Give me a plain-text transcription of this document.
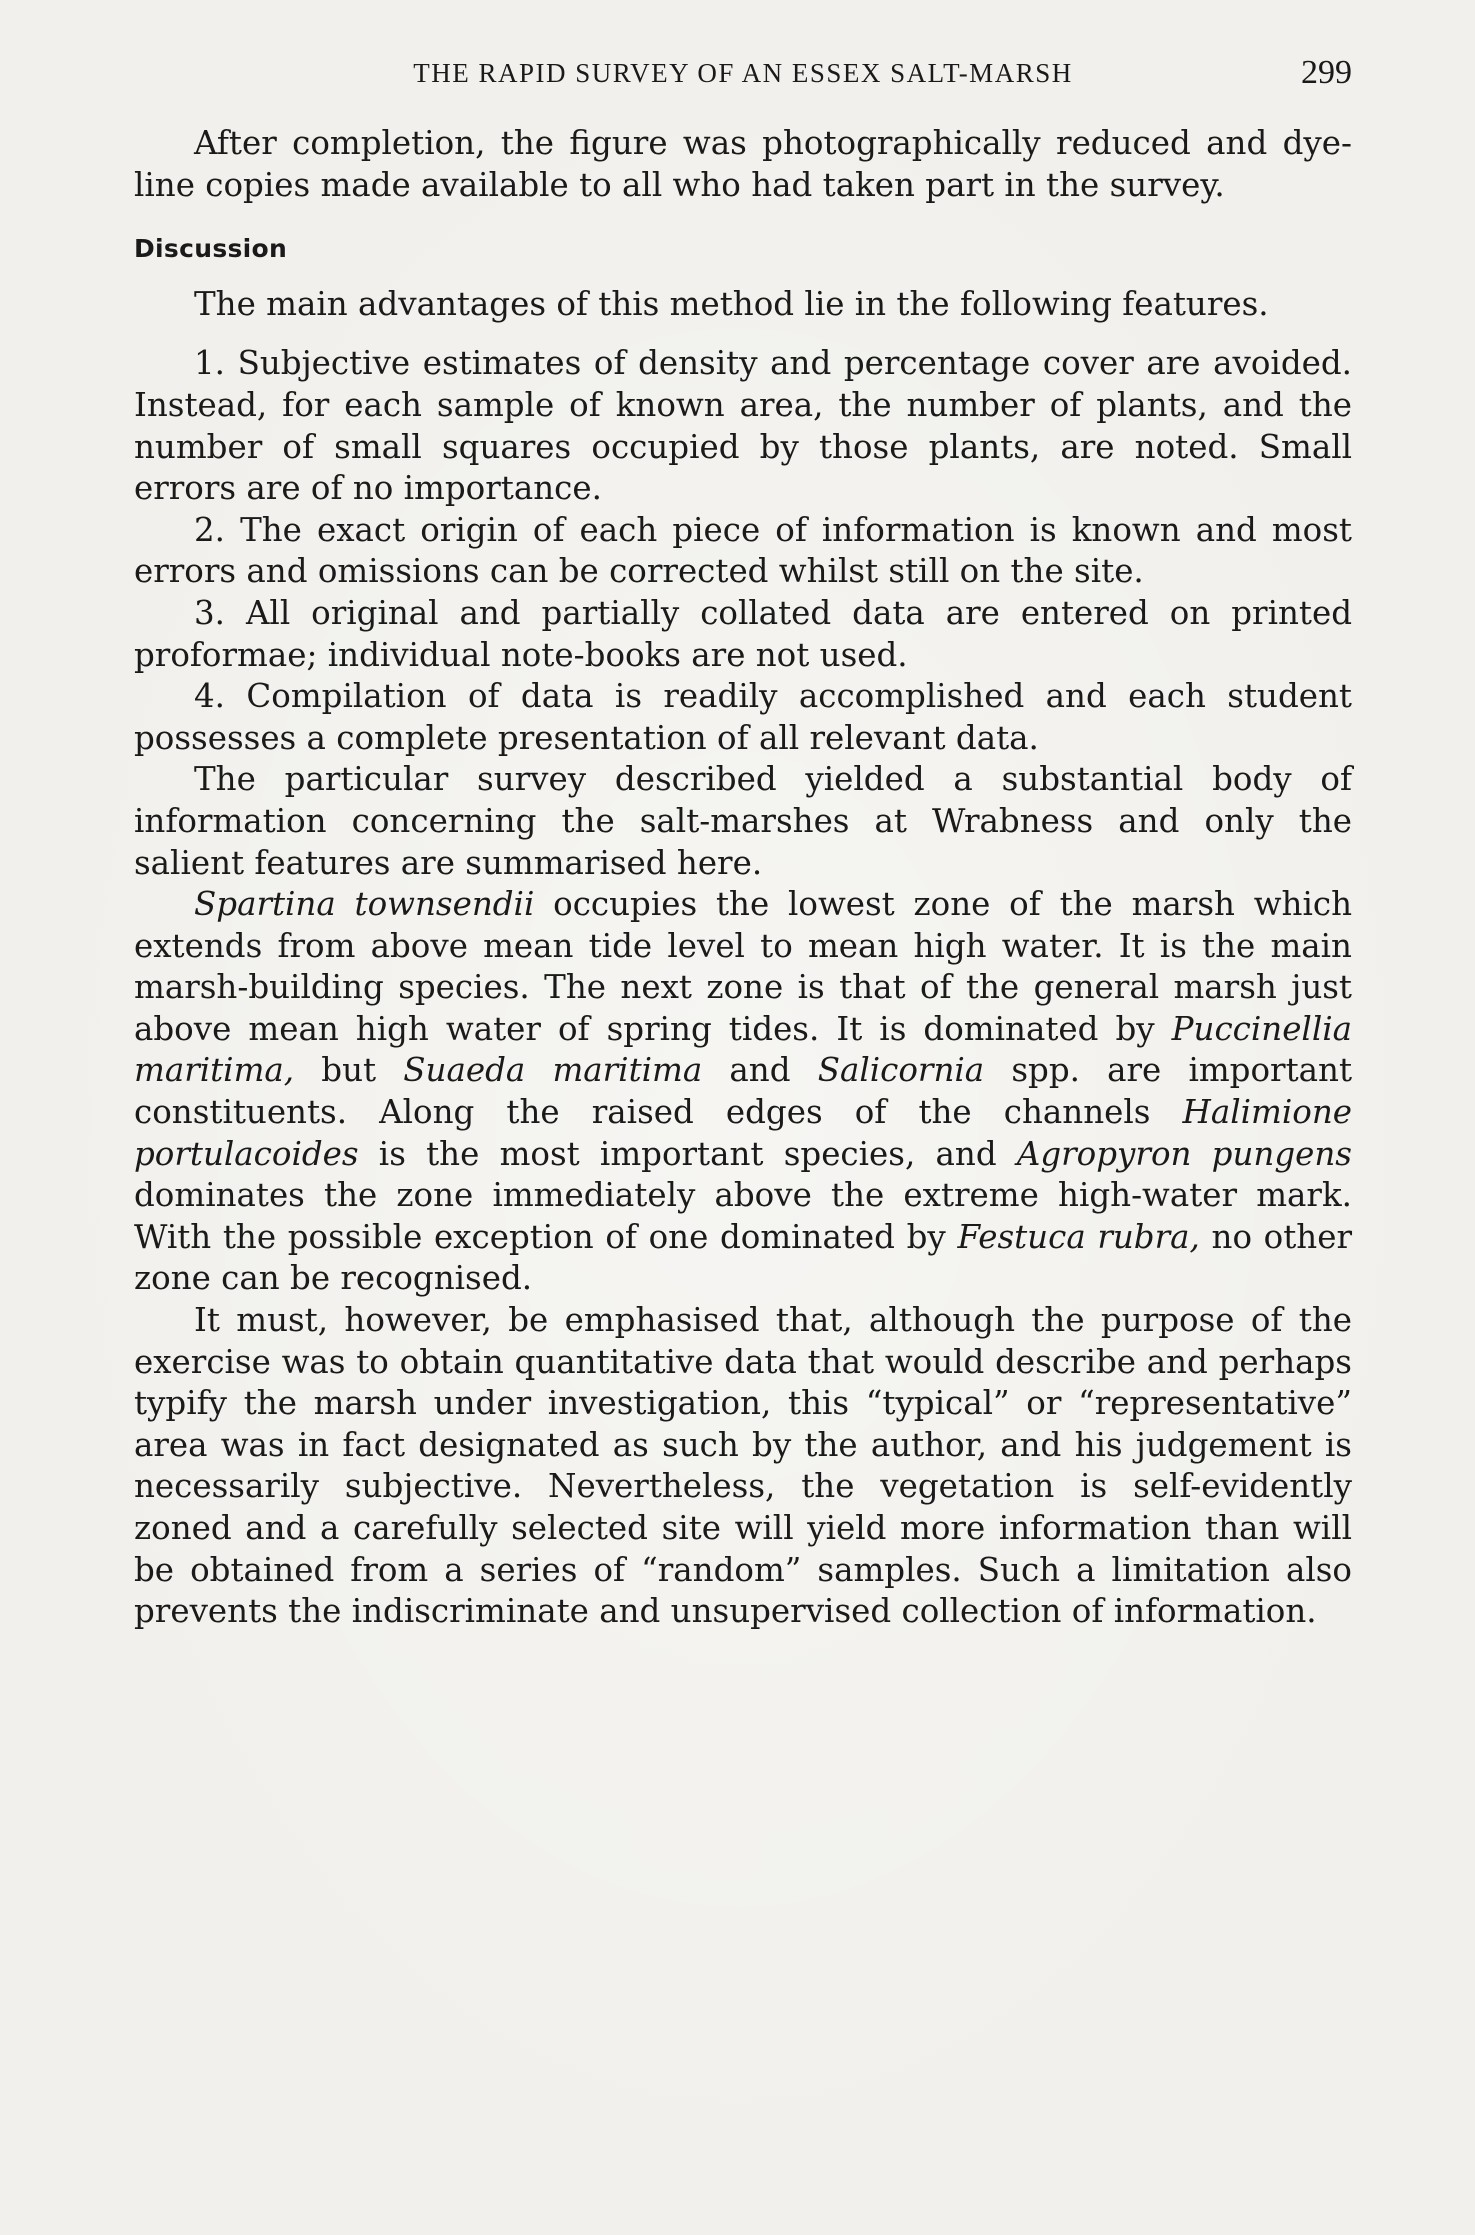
THE RAPID SURVEY OF AN ESSEX SALT-MARSH	299

After completion, the figure was photographically reduced and dye-line copies made available to all who had taken part in the survey.

Discussion

The main advantages of this method lie in the following features.

1. Subjective estimates of density and percentage cover are avoided. Instead, for each sample of known area, the number of plants, and the number of small squares occupied by those plants, are noted. Small errors are of no importance.

2. The exact origin of each piece of information is known and most errors and omissions can be corrected whilst still on the site.

3. All original and partially collated data are entered on printed proformae; individual note-books are not used.

4. Compilation of data is readily accomplished and each student possesses a complete presentation of all relevant data.

The particular survey described yielded a substantial body of information concerning the salt-marshes at Wrabness and only the salient features are summarised here.

Spartina townsendii occupies the lowest zone of the marsh which extends from above mean tide level to mean high water. It is the main marsh-building species. The next zone is that of the general marsh just above mean high water of spring tides. It is dominated by Puccinellia maritima, but Suaeda maritima and Salicornia spp. are important constituents. Along the raised edges of the channels Halimione portulacoides is the most important species, and Agropyron pungens dominates the zone immediately above the extreme high-water mark. With the possible exception of one dominated by Festuca rubra, no other zone can be recognised.

It must, however, be emphasised that, although the purpose of the exercise was to obtain quantitative data that would describe and perhaps typify the marsh under investigation, this “typical” or “representative” area was in fact designated as such by the author, and his judgement is necessarily subjective. Nevertheless, the vegetation is self-evidently zoned and a carefully selected site will yield more information than will be obtained from a series of “random” samples. Such a limitation also prevents the indiscriminate and unsupervised collection of information.
